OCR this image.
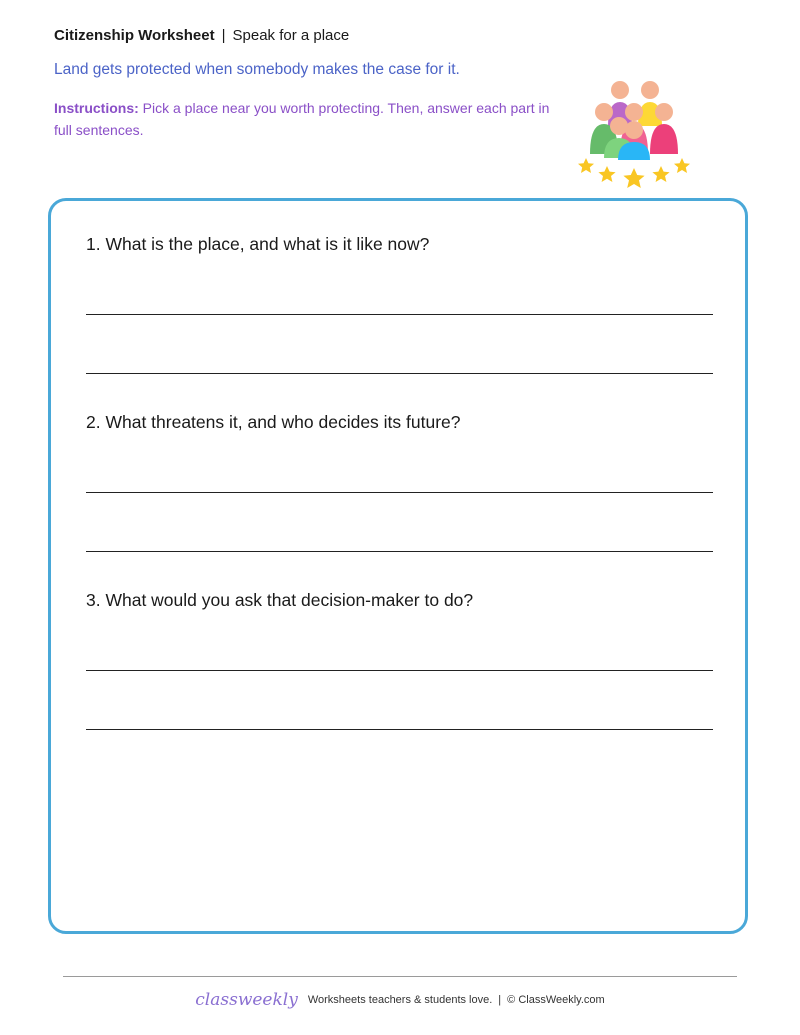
Citizenship Worksheet | Speak for a place
Land gets protected when somebody makes the case for it.
Instructions: Pick a place near you worth protecting. Then, answer each part in full sentences.
1. What is the place, and what is it like now?
2. What threatens it, and who decides its future?
3. What would you ask that decision-maker to do?
classweekly Worksheets teachers & students love. | © ClassWeekly.com
